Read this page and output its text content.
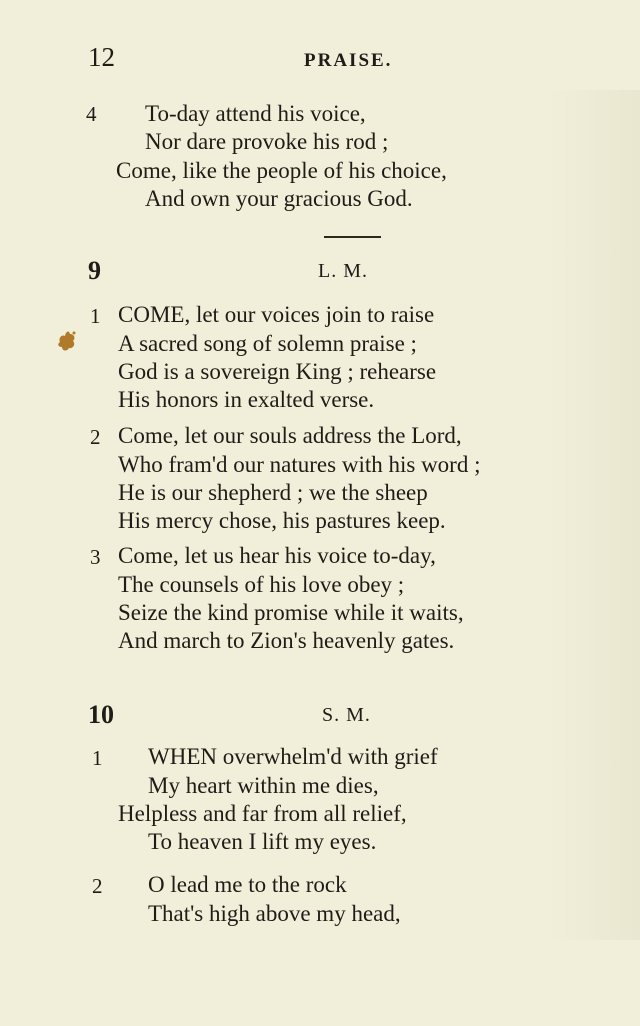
12	PRAISE.
4 To-day attend his voice,
Nor dare provoke his rod ;
Come, like the people of his choice,
And own your gracious God.
9	L. M.
1 COME, let our voices join to raise
A sacred song of solemn praise ;
God is a sovereign King ; rehearse
His honors in exalted verse.
2 Come, let our souls address the Lord,
Who fram'd our natures with his word ;
He is our shepherd ; we the sheep
His mercy chose, his pastures keep.
3 Come, let us hear his voice to-day,
The counsels of his love obey ;
Seize the kind promise while it waits,
And march to Zion's heavenly gates.
10	S. M.
1 WHEN overwhelm'd with grief
My heart within me dies,
Helpless and far from all relief,
To heaven I lift my eyes.
2 O lead me to the rock
That's high above my head,
